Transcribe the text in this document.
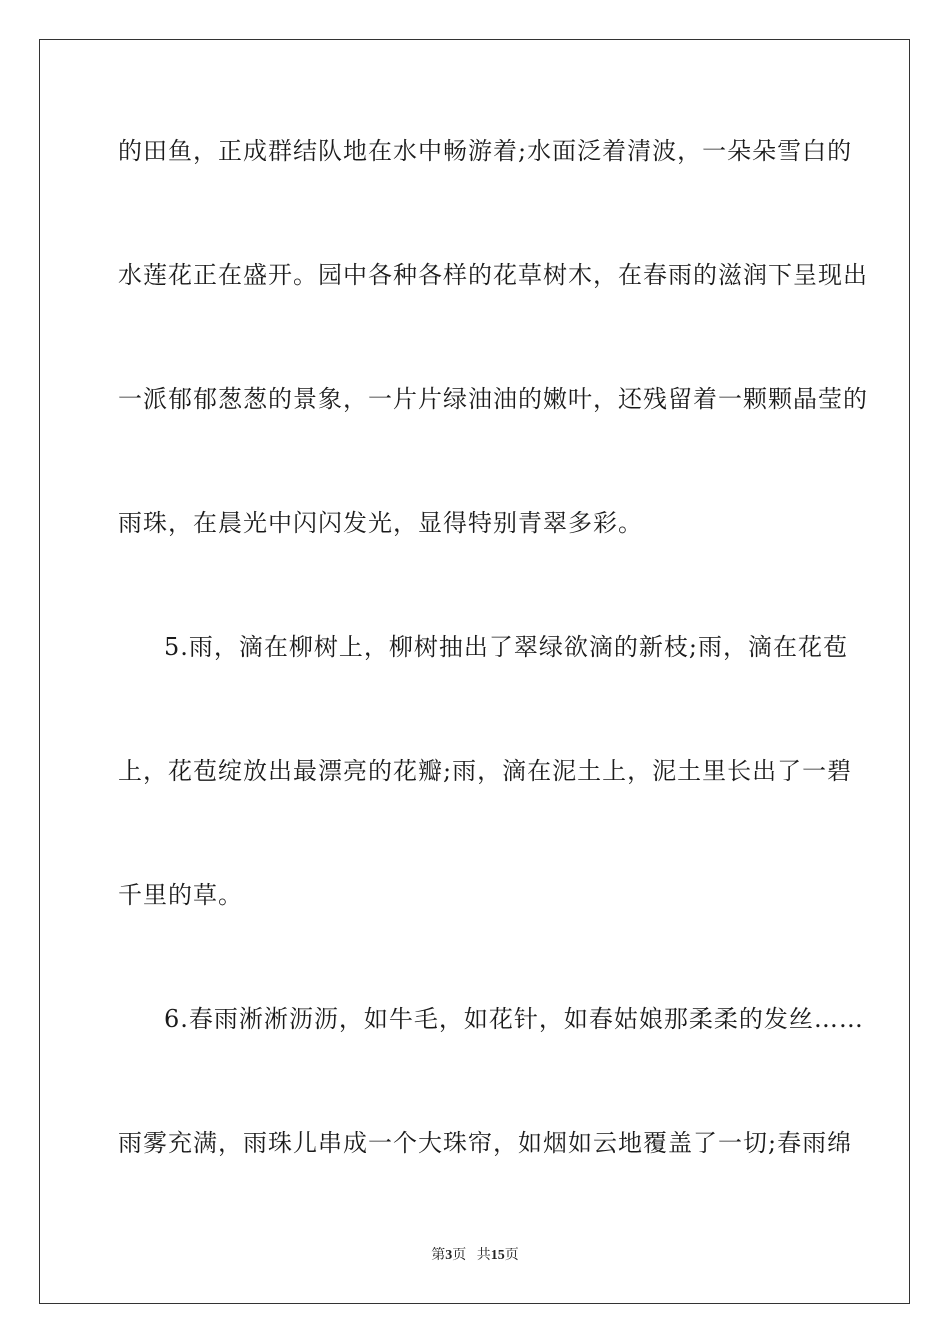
的田鱼，正成群结队地在水中畅游着;水面泛着清波，一朵朵雪白的
水莲花正在盛开。园中各种各样的花草树木，在春雨的滋润下呈现出
一派郁郁葱葱的景象，一片片绿油油的嫩叶，还残留着一颗颗晶莹的
雨珠，在晨光中闪闪发光，显得特别青翠多彩。
5.雨，滴在柳树上，柳树抽出了翠绿欲滴的新枝;雨，滴在花苞
上，花苞绽放出最漂亮的花瓣;雨，滴在泥土上，泥土里长出了一碧
千里的草。
6.春雨淅淅沥沥，如牛毛，如花针，如春姑娘那柔柔的发丝……
雨雾充满，雨珠儿串成一个大珠帘，如烟如云地覆盖了一切;春雨绵
第3页 共15页
